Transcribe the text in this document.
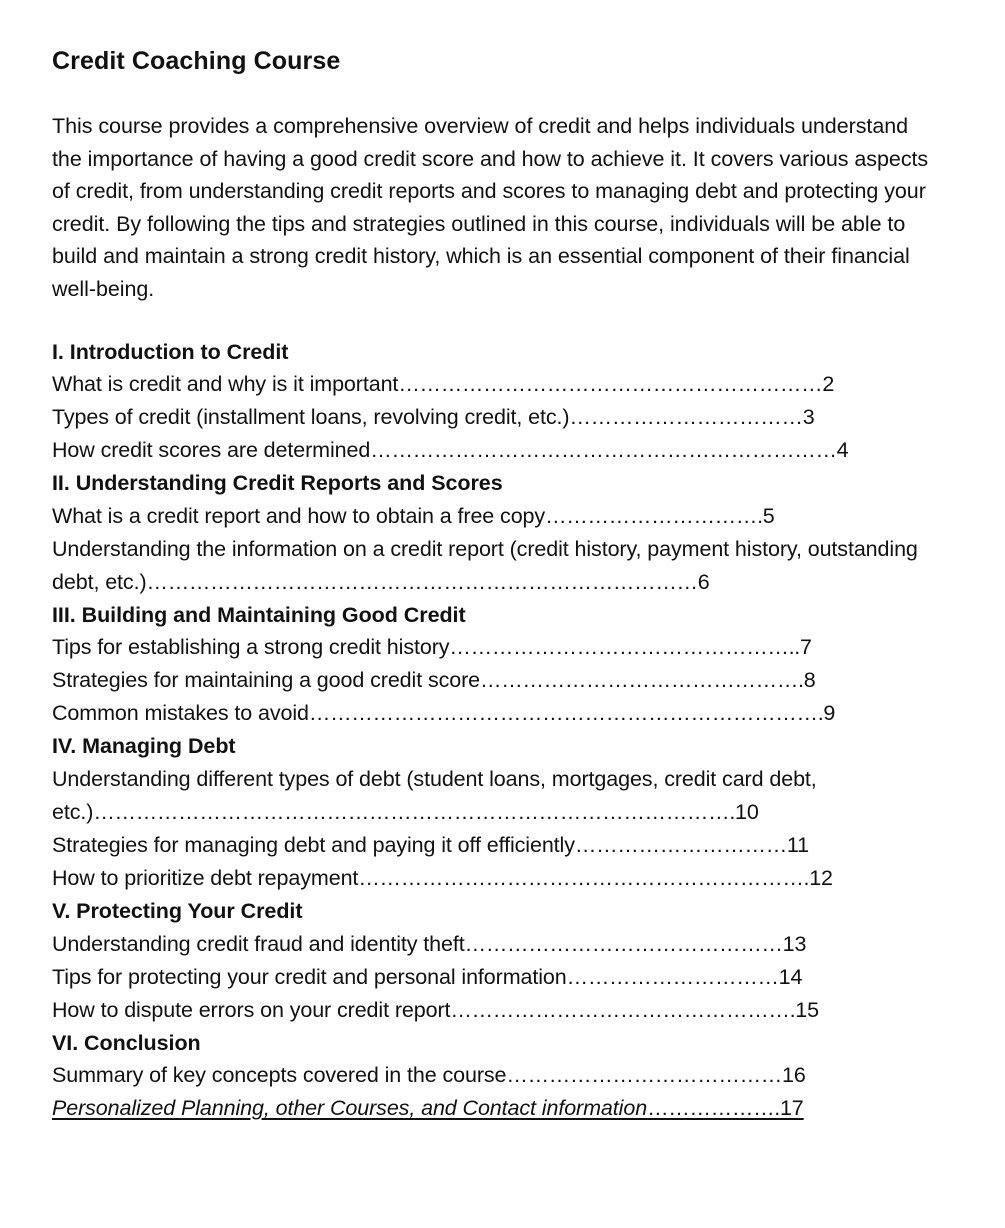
Credit Coaching Course

This course provides a comprehensive overview of credit and helps individuals understand the importance of having a good credit score and how to achieve it. It covers various aspects of credit, from understanding credit reports and scores to managing debt and protecting your credit. By following the tips and strategies outlined in this course, individuals will be able to build and maintain a strong credit history, which is an essential component of their financial well-being.

I. Introduction to Credit
What is credit and why is it important……………………………………………………2
Types of credit (installment loans, revolving credit, etc.)……………………………3
How credit scores are determined…………………………………………………………4
II. Understanding Credit Reports and Scores
What is a credit report and how to obtain a free copy………………………….5
Understanding the information on a credit report (credit history, payment history, outstanding debt, etc.)……………………………………………………………………6
III. Building and Maintaining Good Credit
Tips for establishing a strong credit history…………………………………………..7
Strategies for maintaining a good credit score……………………………………….8
Common mistakes to avoid……………………………………………………………….9
IV. Managing Debt
Understanding different types of debt (student loans, mortgages, credit card debt, etc.)……………………………………………………………………………….10
Strategies for managing debt and paying it off efficiently…………………………11
How to prioritize debt repayment……………………………………………………….12
V. Protecting Your Credit
Understanding credit fraud and identity theft………………………………………13
Tips for protecting your credit and personal information…………………………14
How to dispute errors on your credit report………………………………………….15
VI. Conclusion
Summary of key concepts covered in the course…………………………………16
Personalized Planning, other Courses, and Contact information……………….17
